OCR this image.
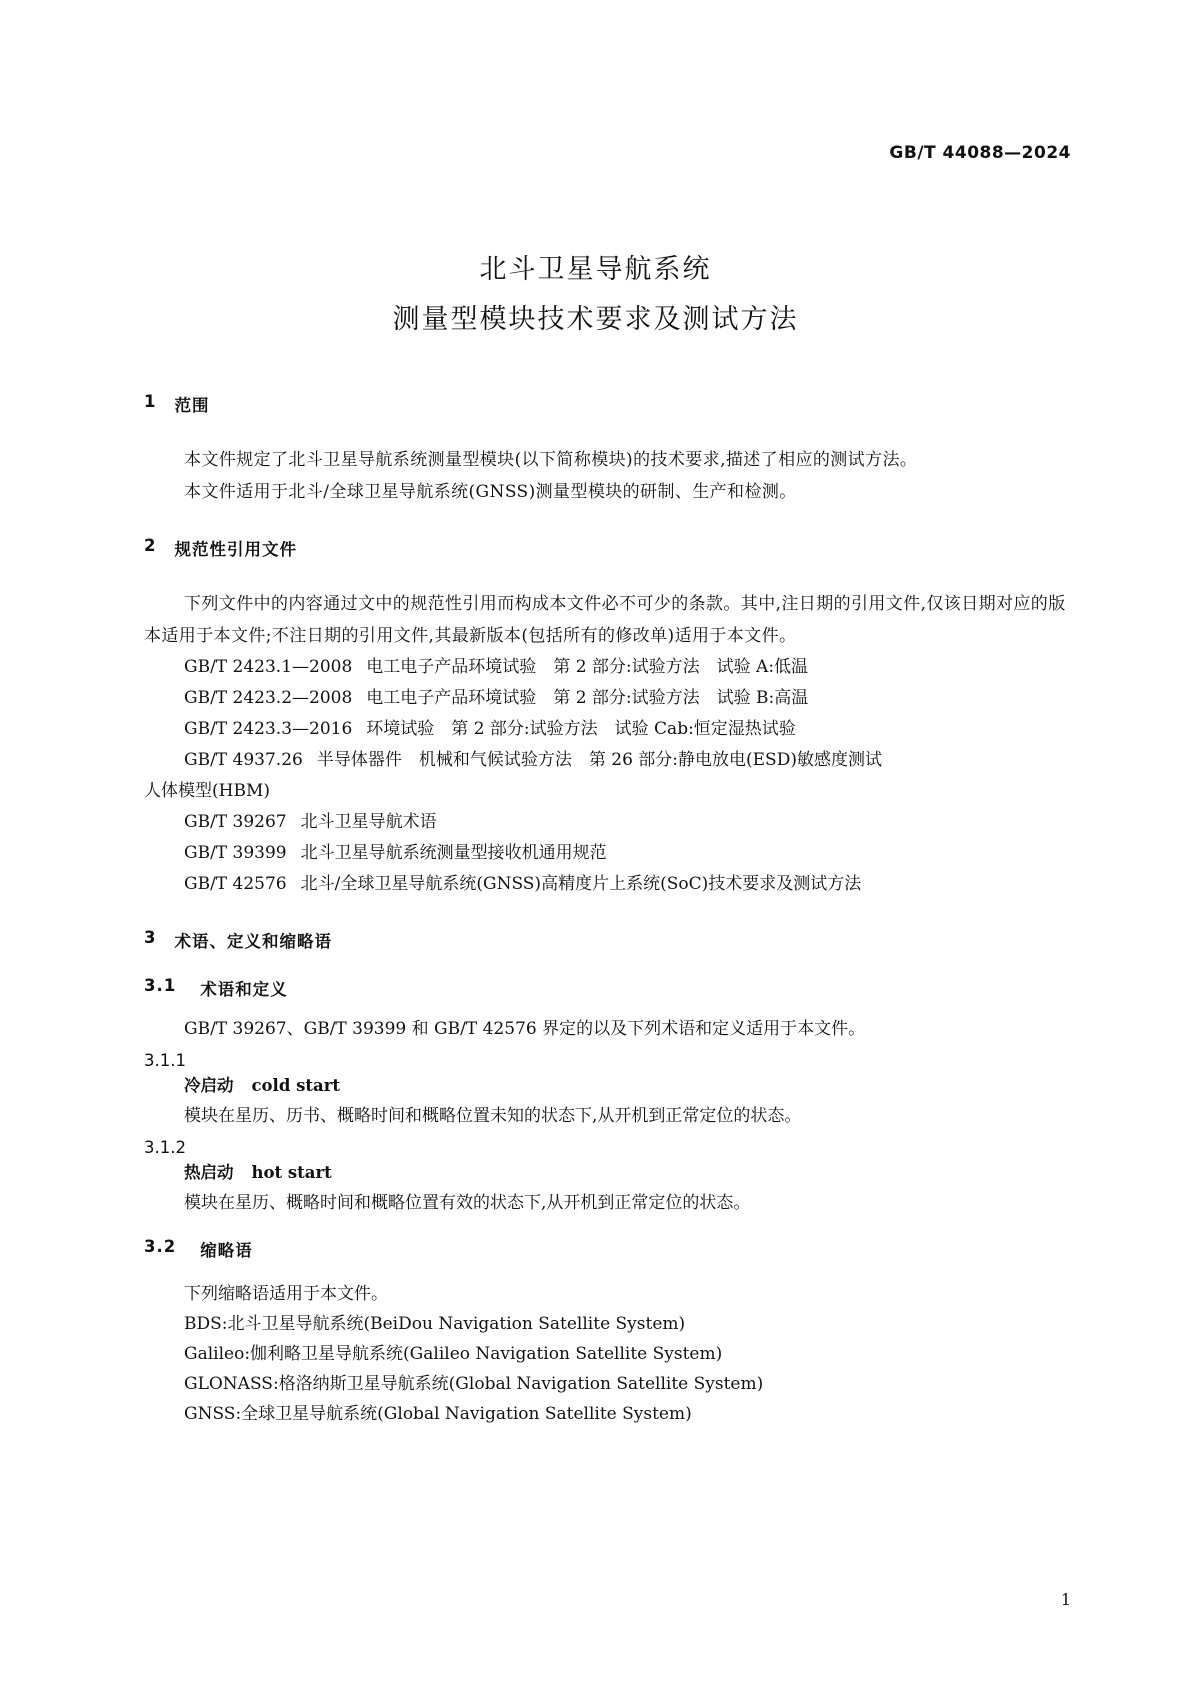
GB/T 44088—2024
北斗卫星导航系统
测量型模块技术要求及测试方法
1 范围
本文件规定了北斗卫星导航系统测量型模块(以下简称模块)的技术要求,描述了相应的测试方法。
本文件适用于北斗/全球卫星导航系统(GNSS)测量型模块的研制、生产和检测。
2 规范性引用文件
下列文件中的内容通过文中的规范性引用而构成本文件必不可少的条款。其中,注日期的引用文件,仅该日期对应的版本适用于本文件;不注日期的引用文件,其最新版本(包括所有的修改单)适用于本文件。
GB/T 2423.1—2008 电工电子产品环境试验　第 2 部分:试验方法　试验 A:低温
GB/T 2423.2—2008 电工电子产品环境试验　第 2 部分:试验方法　试验 B:高温
GB/T 2423.3—2016 环境试验　第 2 部分:试验方法　试验 Cab:恒定湿热试验
GB/T 4937.26 半导体器件　机械和气候试验方法　第 26 部分:静电放电(ESD)敏感度测试
人体模型(HBM)
GB/T 39267 北斗卫星导航术语
GB/T 39399 北斗卫星导航系统测量型接收机通用规范
GB/T 42576 北斗/全球卫星导航系统(GNSS)高精度片上系统(SoC)技术要求及测试方法
3 术语、定义和缩略语
3.1 术语和定义
GB/T 39267、GB/T 39399 和 GB/T 42576 界定的以及下列术语和定义适用于本文件。
3.1.1
冷启动 cold start
模块在星历、历书、概略时间和概略位置未知的状态下,从开机到正常定位的状态。
3.1.2
热启动 hot start
模块在星历、概略时间和概略位置有效的状态下,从开机到正常定位的状态。
3.2 缩略语
下列缩略语适用于本文件。
BDS:北斗卫星导航系统(BeiDou Navigation Satellite System)
Galileo:伽利略卫星导航系统(Galileo Navigation Satellite System)
GLONASS:格洛纳斯卫星导航系统(Global Navigation Satellite System)
GNSS:全球卫星导航系统(Global Navigation Satellite System)
1
